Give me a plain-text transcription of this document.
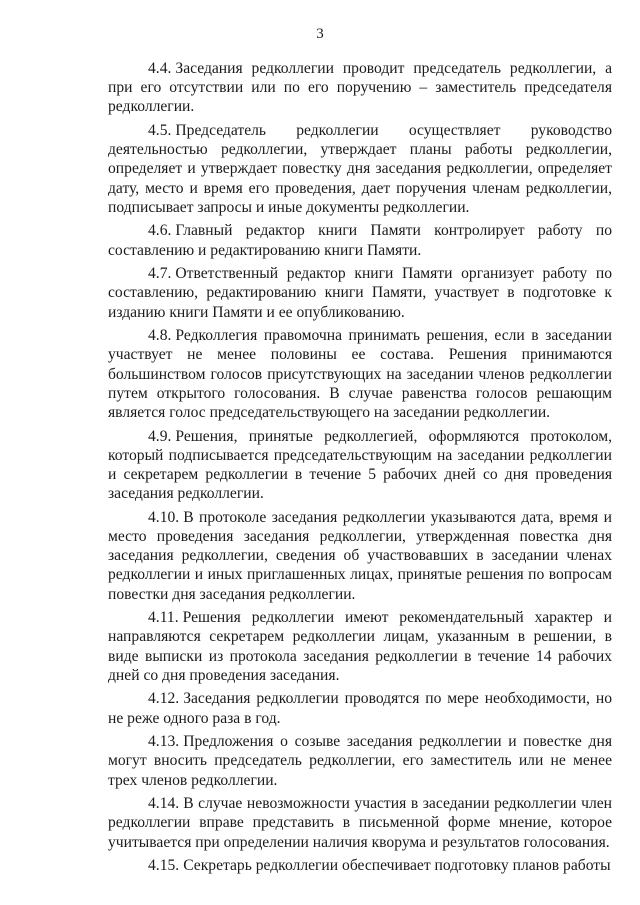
3

4.4. Заседания редколлегии проводит председатель редколлегии, а при его отсутствии или по его поручению – заместитель председателя редколлегии.

4.5. Председатель редколлегии осуществляет руководство деятельностью редколлегии, утверждает планы работы редколлегии, определяет и утверждает повестку дня заседания редколлегии, определяет дату, место и время его проведения, дает поручения членам редколлегии, подписывает запросы и иные документы редколлегии.

4.6. Главный редактор книги Памяти контролирует работу по составлению и редактированию книги Памяти.

4.7. Ответственный редактор книги Памяти организует работу по составлению, редактированию книги Памяти, участвует в подготовке к изданию книги Памяти и ее опубликованию.

4.8. Редколлегия правомочна принимать решения, если в заседании участвует не менее половины ее состава. Решения принимаются большинством голосов присутствующих на заседании членов редколлегии путем открытого голосования. В случае равенства голосов решающим является голос председательствующего на заседании редколлегии.

4.9. Решения, принятые редколлегией, оформляются протоколом, который подписывается председательствующим на заседании редколлегии и секретарем редколлегии в течение 5 рабочих дней со дня проведения заседания редколлегии.

4.10. В протоколе заседания редколлегии указываются дата, время и место проведения заседания редколлегии, утвержденная повестка дня заседания редколлегии, сведения об участвовавших в заседании членах редколлегии и иных приглашенных лицах, принятые решения по вопросам повестки дня заседания редколлегии.

4.11. Решения редколлегии имеют рекомендательный характер и направляются секретарем редколлегии лицам, указанным в решении, в виде выписки из протокола заседания редколлегии в течение 14 рабочих дней со дня проведения заседания.

4.12. Заседания редколлегии проводятся по мере необходимости, но не реже одного раза в год.

4.13. Предложения о созыве заседания редколлегии и повестке дня могут вносить председатель редколлегии, его заместитель или не менее трех членов редколлегии.

4.14. В случае невозможности участия в заседании редколлегии член редколлегии вправе представить в письменной форме мнение, которое учитывается при определении наличия кворума и результатов голосования.

4.15. Секретарь редколлегии обеспечивает подготовку планов работы
